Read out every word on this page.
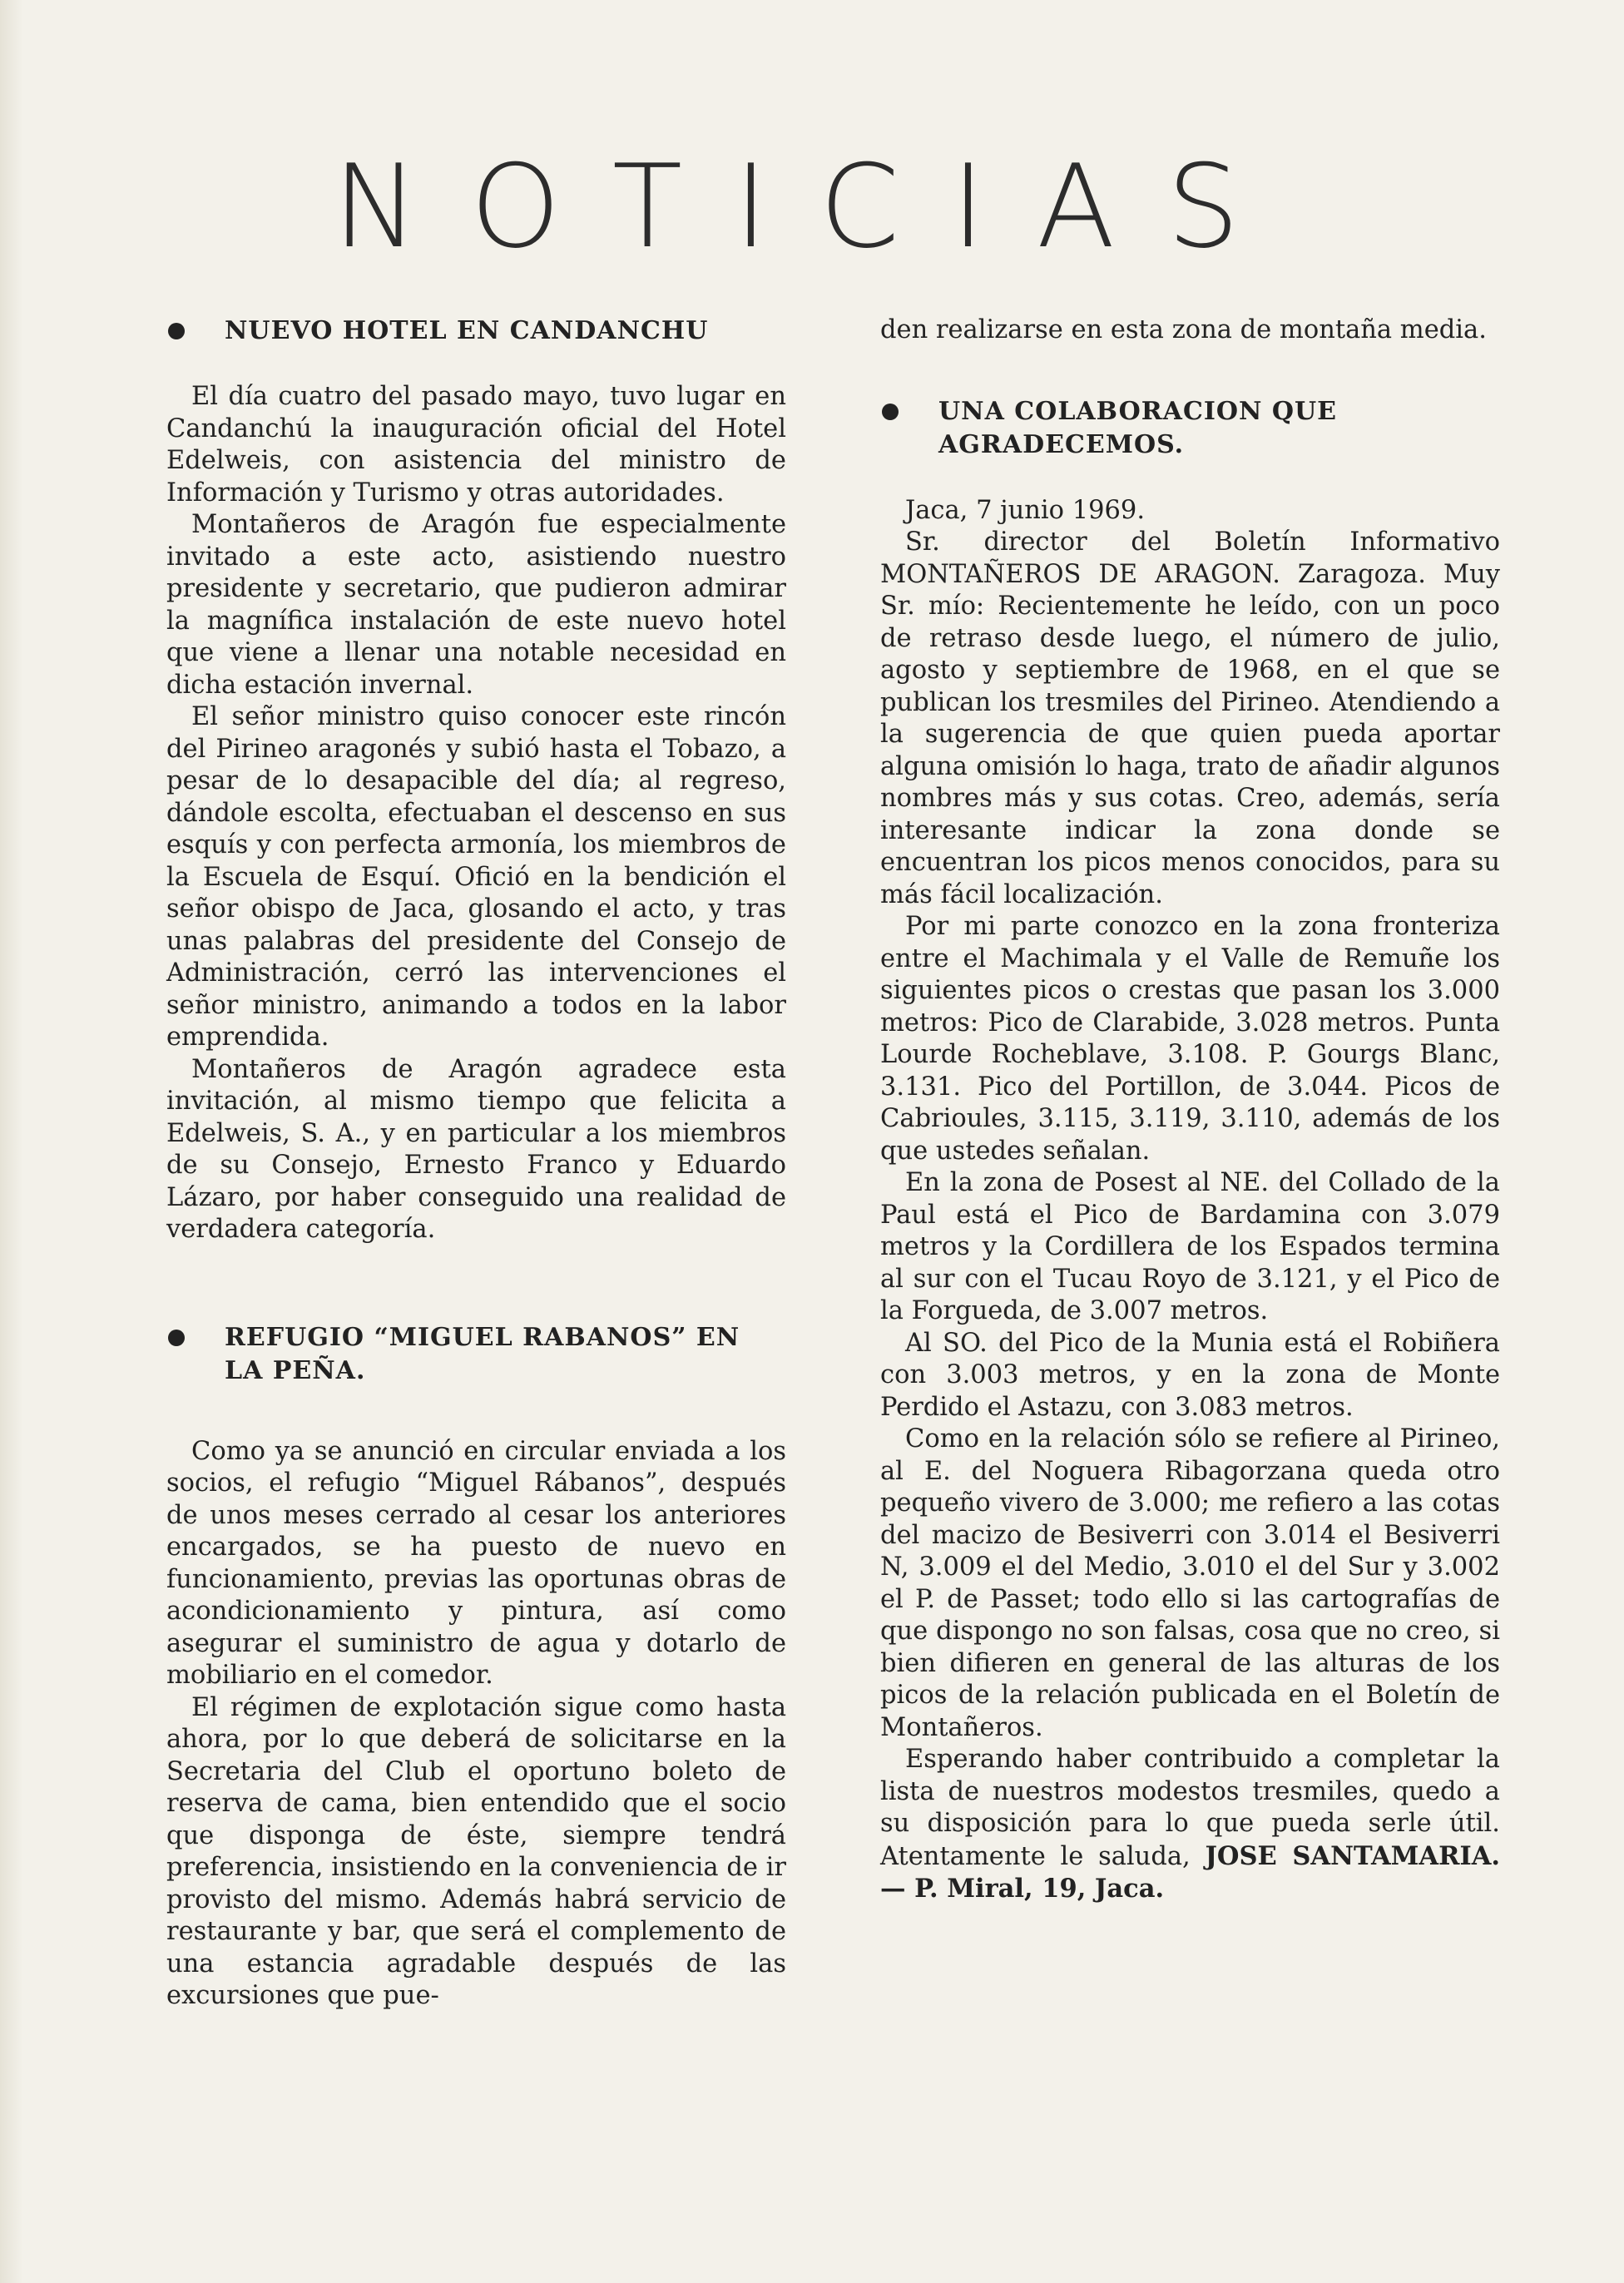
NOTICIAS
NUEVO HOTEL EN CANDANCHU

El día cuatro del pasado mayo, tuvo lugar en Candanchú la inauguración oficial del Hotel Edelweis, con asistencia del ministro de Información y Turismo y otras autoridades.

Montañeros de Aragón fue especialmente invitado a este acto, asistiendo nuestro presidente y secretario, que pudieron admirar la magnífica instalación de este nuevo hotel que viene a llenar una notable necesidad en dicha estación invernal.

El señor ministro quiso conocer este rincón del Pirineo aragonés y subió hasta el Tobazo, a pesar de lo desapacible del día; al regreso, dándole escolta, efectuaban el descenso en sus esquís y con perfecta armonía, los miembros de la Escuela de Esquí. Ofició en la bendición el señor obispo de Jaca, glosando el acto, y tras unas palabras del presidente del Consejo de Administración, cerró las intervenciones el señor ministro, animando a todos en la labor emprendida.

Montañeros de Aragón agradece esta invitación, al mismo tiempo que felicita a Edelweis, S. A., y en particular a los miembros de su Consejo, Ernesto Franco y Eduardo Lázaro, por haber conseguido una realidad de verdadera categoría.

REFUGIO “MIGUEL RABANOS” EN LA PEÑA.

Como ya se anunció en circular enviada a los socios, el refugio “Miguel Rábanos”, después de unos meses cerrado al cesar los anteriores encargados, se ha puesto de nuevo en funcionamiento, previas las oportunas obras de acondicionamiento y pintura, así como asegurar el suministro de agua y dotarlo de mobiliario en el comedor.

El régimen de explotación sigue como hasta ahora, por lo que deberá de solicitarse en la Secretaria del Club el oportuno boleto de reserva de cama, bien entendido que el socio que disponga de éste, siempre tendrá preferencia, insistiendo en la conveniencia de ir provisto del mismo. Además habrá servicio de restaurante y bar, que será el complemento de una estancia agradable después de las excursiones que pue-

den realizarse en esta zona de montaña media.

UNA COLABORACION QUE AGRADECEMOS.

Jaca, 7 junio 1969.

Sr. director del Boletín Informativo MONTAÑEROS DE ARAGON. Zaragoza. Muy Sr. mío: Recientemente he leído, con un poco de retraso desde luego, el número de julio, agosto y septiembre de 1968, en el que se publican los tresmiles del Pirineo. Atendiendo a la sugerencia de que quien pueda aportar alguna omisión lo haga, trato de añadir algunos nombres más y sus cotas. Creo, además, sería interesante indicar la zona donde se encuentran los picos menos conocidos, para su más fácil localización.

Por mi parte conozco en la zona fronteriza entre el Machimala y el Valle de Remuñe los siguientes picos o crestas que pasan los 3.000 metros: Pico de Clarabide, 3.028 metros. Punta Lourde Rocheblave, 3.108. P. Gourgs Blanc, 3.131. Pico del Portillon, de 3.044. Picos de Cabrioules, 3.115, 3.119, 3.110, además de los que ustedes señalan.

En la zona de Posest al NE. del Collado de la Paul está el Pico de Bardamina con 3.079 metros y la Cordillera de los Espados termina al sur con el Tucau Royo de 3.121, y el Pico de la Forgueda, de 3.007 metros.

Al SO. del Pico de la Munia está el Robiñera con 3.003 metros, y en la zona de Monte Perdido el Astazu, con 3.083 metros.

Como en la relación sólo se refiere al Pirineo, al E. del Noguera Ribagorzana queda otro pequeño vivero de 3.000; me refiero a las cotas del macizo de Besiverri con 3.014 el Besiverri N, 3.009 el del Medio, 3.010 el del Sur y 3.002 el P. de Passet; todo ello si las cartografías de que dispongo no son falsas, cosa que no creo, si bien difieren en general de las alturas de los picos de la relación publicada en el Boletín de Montañeros.

Esperando haber contribuido a completar la lista de nuestros modestos tresmiles, quedo a su disposición para lo que pueda serle útil. Atentamente le saluda, JOSE SANTAMARIA. — P. Miral, 19, Jaca.
